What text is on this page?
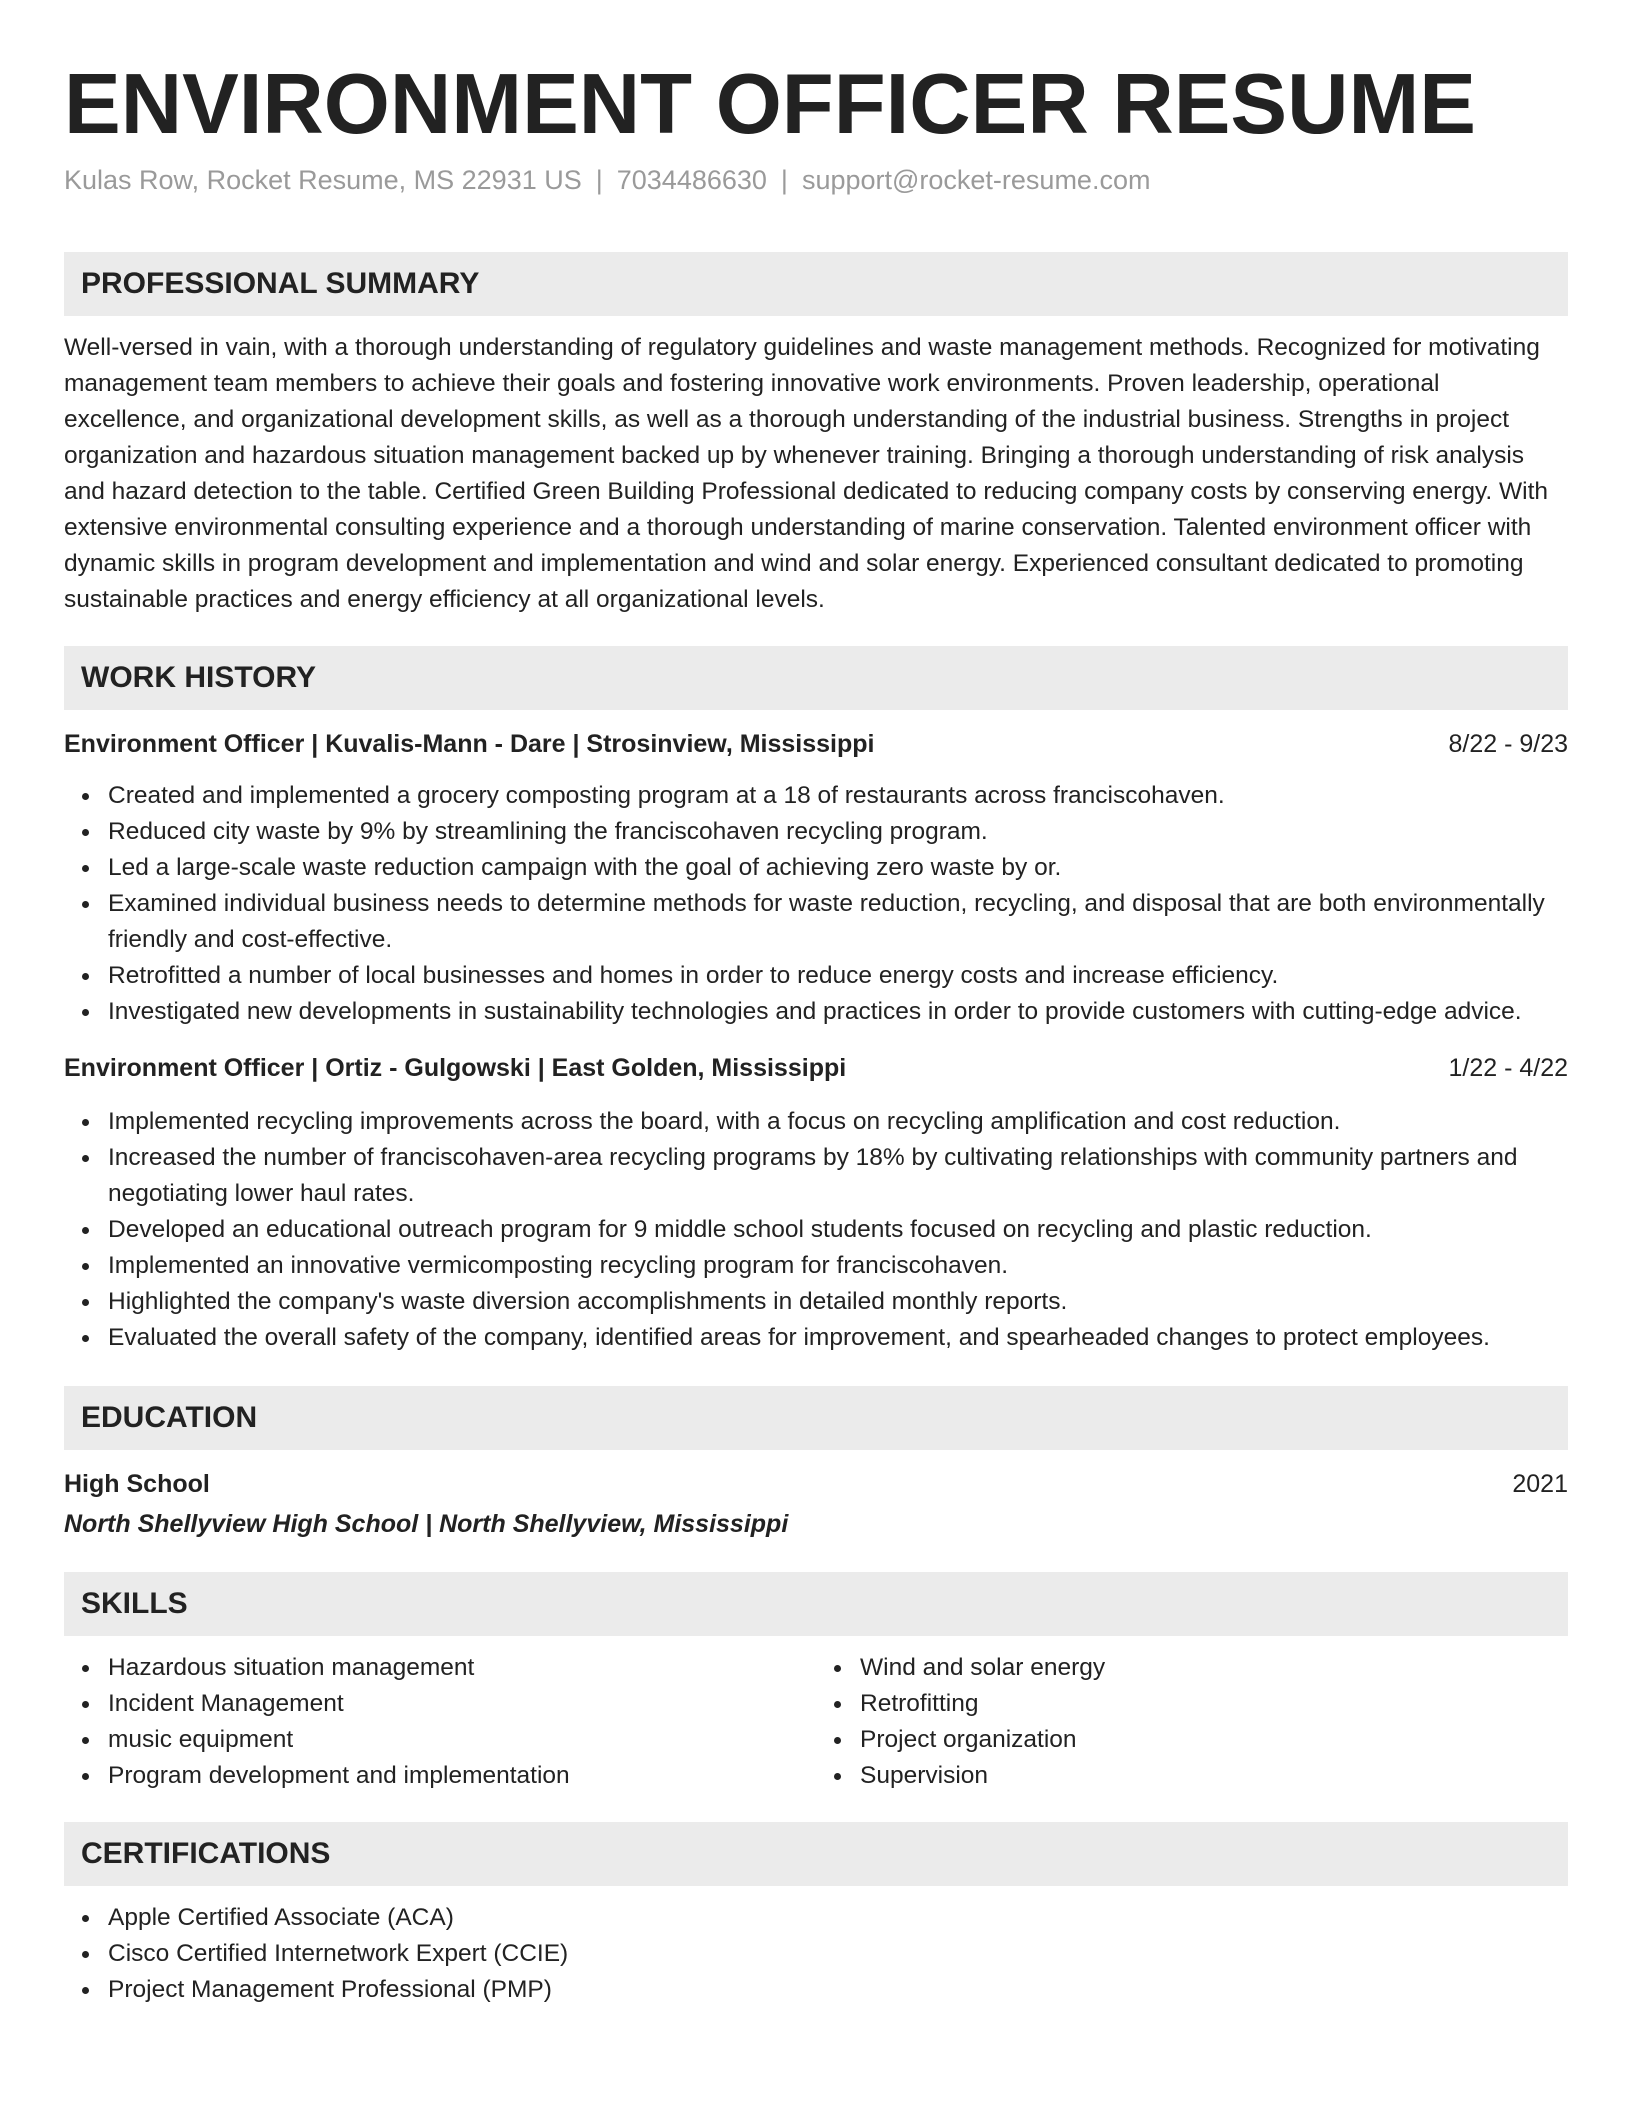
ENVIRONMENT OFFICER RESUME
Kulas Row, Rocket Resume, MS 22931 US | 7034486630 | support@rocket-resume.com
PROFESSIONAL SUMMARY
Well-versed in vain, with a thorough understanding of regulatory guidelines and waste management methods. Recognized for motivating management team members to achieve their goals and fostering innovative work environments. Proven leadership, operational excellence, and organizational development skills, as well as a thorough understanding of the industrial business. Strengths in project organization and hazardous situation management backed up by whenever training. Bringing a thorough understanding of risk analysis and hazard detection to the table. Certified Green Building Professional dedicated to reducing company costs by conserving energy. With extensive environmental consulting experience and a thorough understanding of marine conservation. Talented environment officer with dynamic skills in program development and implementation and wind and solar energy. Experienced consultant dedicated to promoting sustainable practices and energy efficiency at all organizational levels.
WORK HISTORY
Environment Officer | Kuvalis-Mann - Dare | Strosinview, Mississippi	8/22 - 9/23
Created and implemented a grocery composting program at a 18 of restaurants across franciscohaven.
Reduced city waste by 9% by streamlining the franciscohaven recycling program.
Led a large-scale waste reduction campaign with the goal of achieving zero waste by or.
Examined individual business needs to determine methods for waste reduction, recycling, and disposal that are both environmentally friendly and cost-effective.
Retrofitted a number of local businesses and homes in order to reduce energy costs and increase efficiency.
Investigated new developments in sustainability technologies and practices in order to provide customers with cutting-edge advice.
Environment Officer | Ortiz - Gulgowski | East Golden, Mississippi	1/22 - 4/22
Implemented recycling improvements across the board, with a focus on recycling amplification and cost reduction.
Increased the number of franciscohaven-area recycling programs by 18% by cultivating relationships with community partners and negotiating lower haul rates.
Developed an educational outreach program for 9 middle school students focused on recycling and plastic reduction.
Implemented an innovative vermicomposting recycling program for franciscohaven.
Highlighted the company's waste diversion accomplishments in detailed monthly reports.
Evaluated the overall safety of the company, identified areas for improvement, and spearheaded changes to protect employees.
EDUCATION
High School	2021
North Shellyview High School | North Shellyview, Mississippi
SKILLS
Hazardous situation management
Incident Management
music equipment
Program development and implementation
Wind and solar energy
Retrofitting
Project organization
Supervision
CERTIFICATIONS
Apple Certified Associate (ACA)
Cisco Certified Internetwork Expert (CCIE)
Project Management Professional (PMP)
